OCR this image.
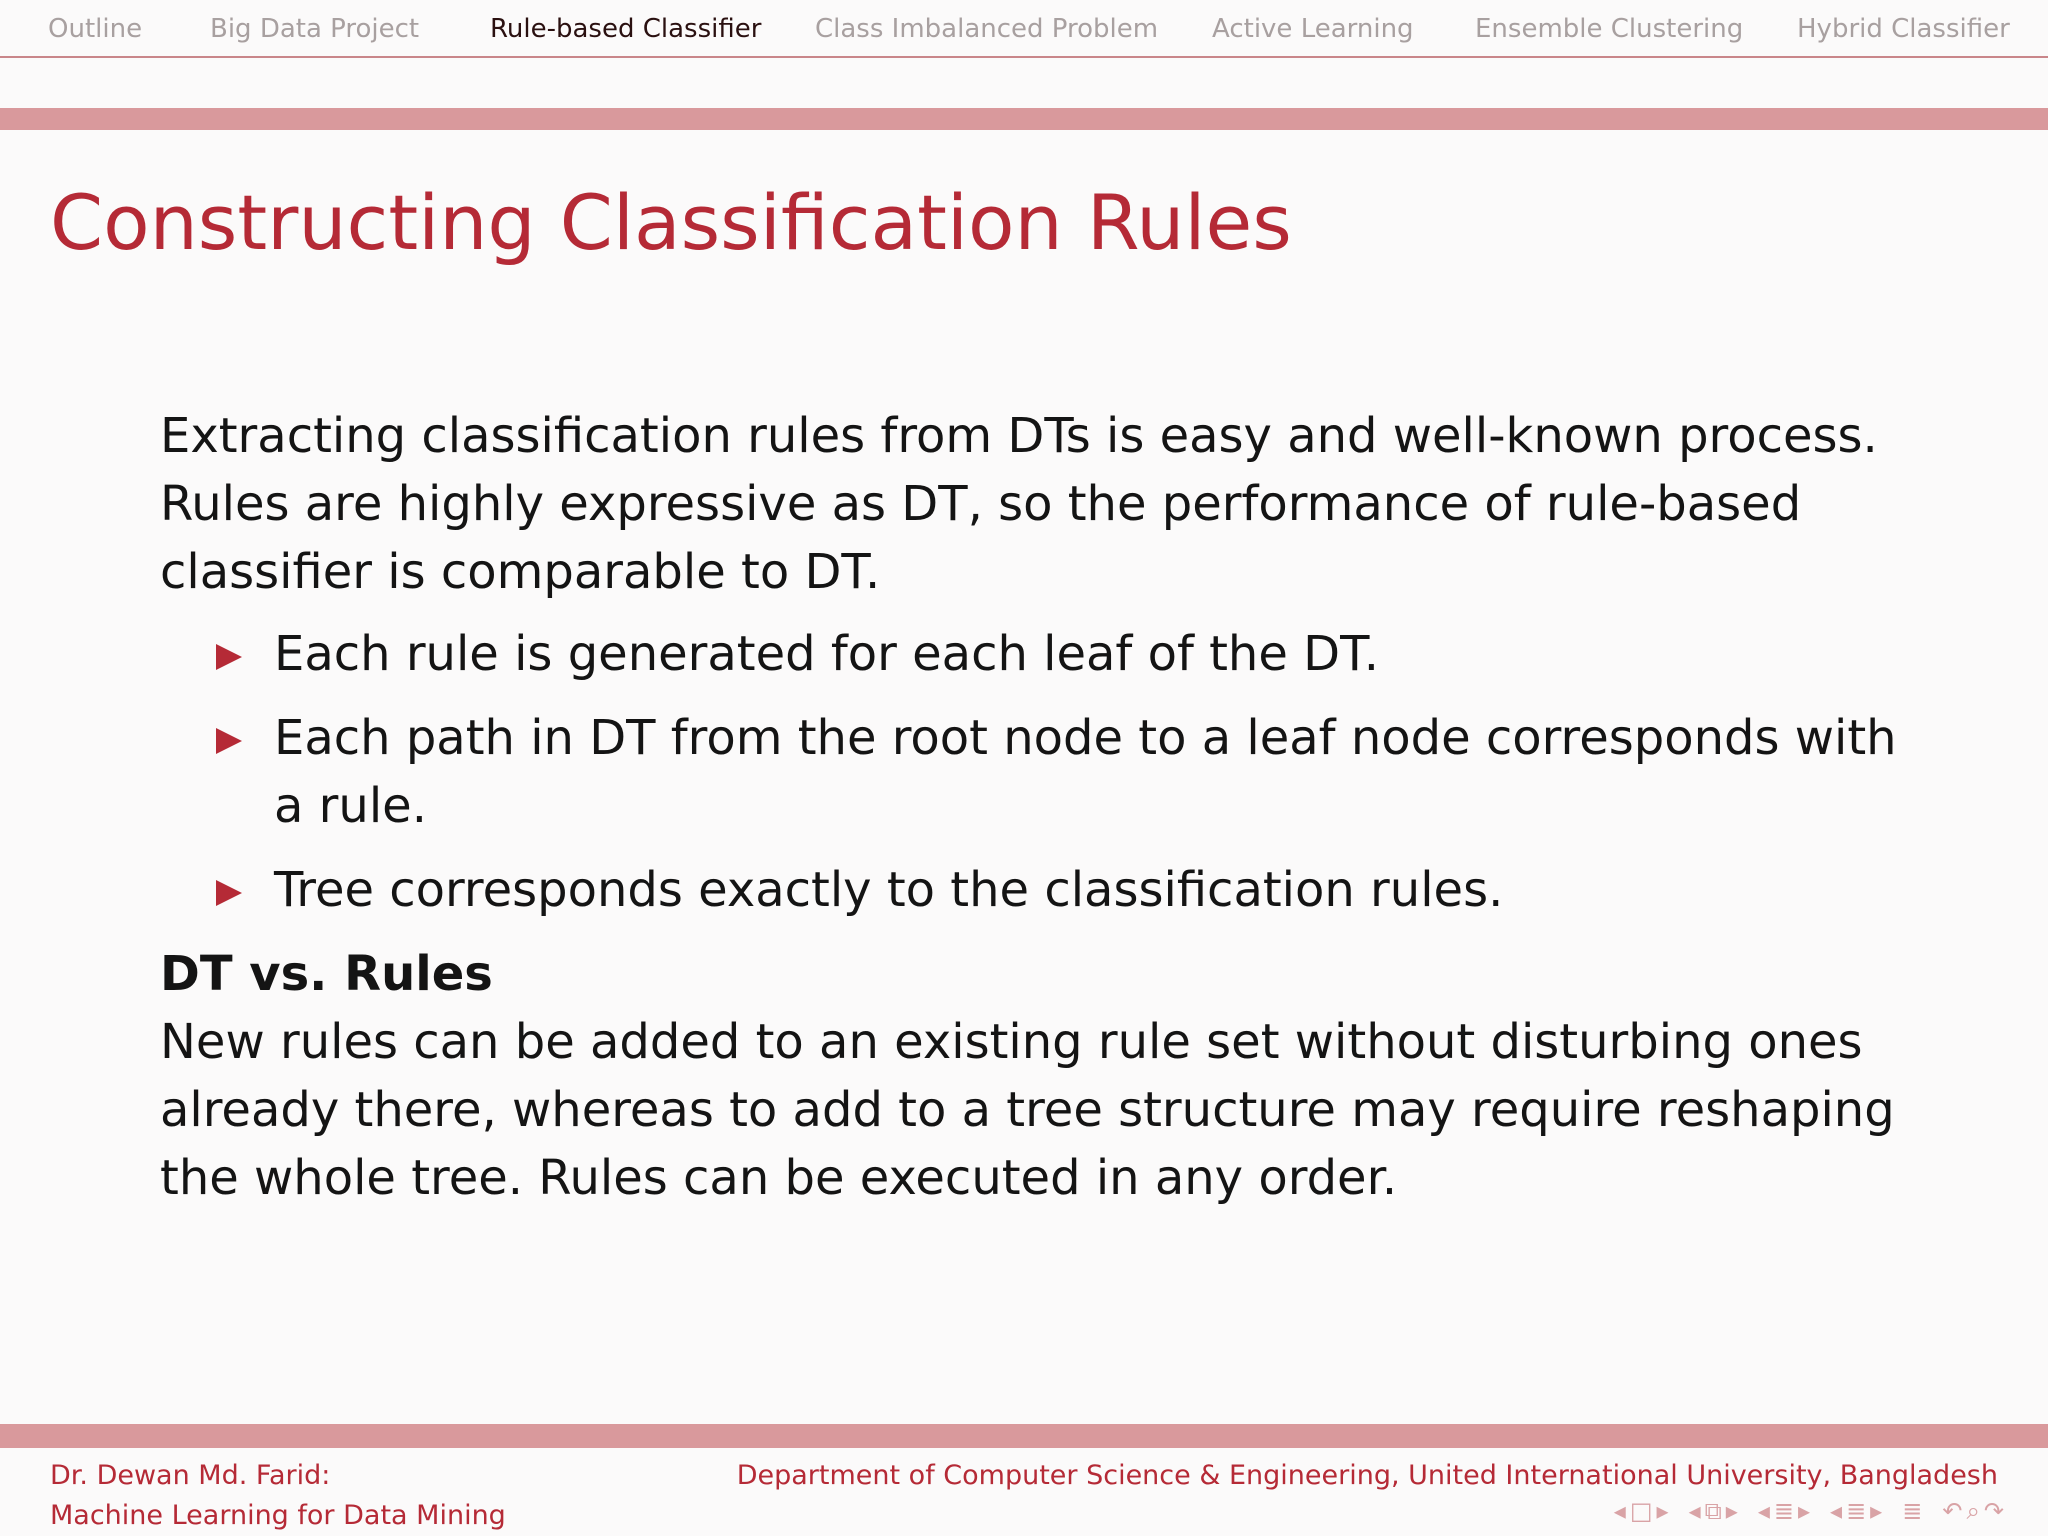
Outline	Big Data Project	Rule-based Classifier Class Imbalanced Problem Active Learning Ensemble Clustering Hybrid Classifier
Constructing Classification Rules

Extracting classification rules from DTs is easy and well-known process. Rules are highly expressive as DT, so the performance of rule-based classifier is comparable to DT.

Each rule is generated for each leaf of the DT.
Each path in DT from the root node to a leaf node corresponds with a rule.
Tree corresponds exactly to the classification rules.
DT vs. Rules

New rules can be added to an existing rule set without disturbing ones already there, whereas to add to a tree structure may require reshaping the whole tree. Rules can be executed in any order.

Dr. Dewan Md. Farid:
Machine Learning for Data Mining
Department of Computer Science & Engineering, United International University, Bangladesh
◂ □ ▸ ◂ ⧉ ▸ ◂ ≣ ▸ ◂ ≣ ▸ ≣ ↶ ⌕ ↷
